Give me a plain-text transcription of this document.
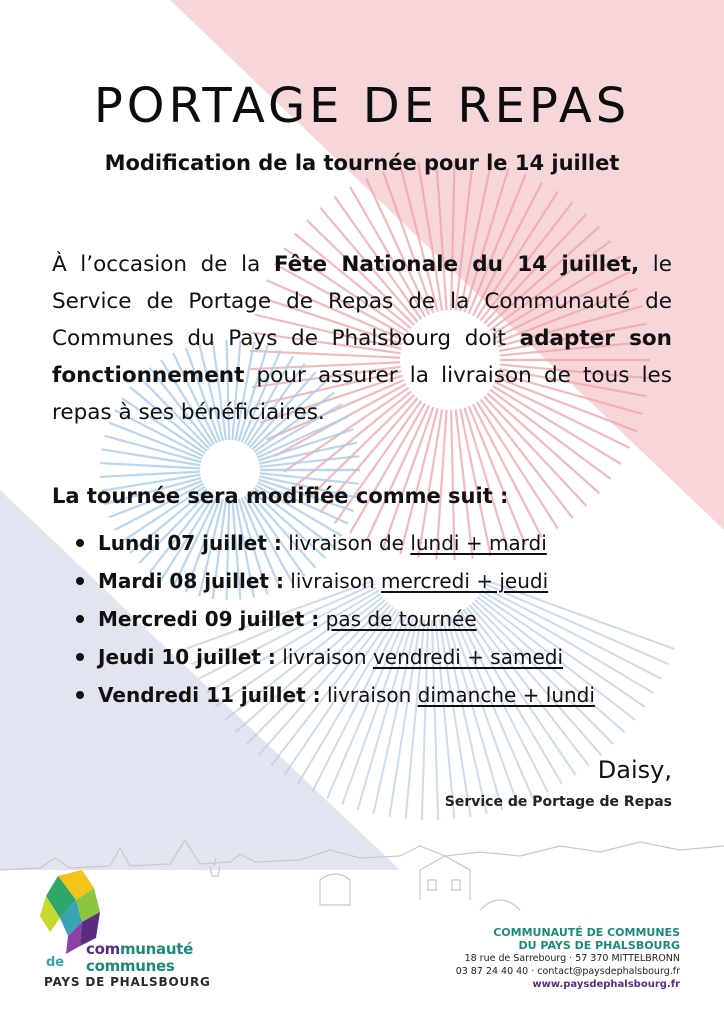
PORTAGE DE REPAS
Modification de la tournée pour le 14 juillet
À l’occasion de la Fête Nationale du 14 juillet, le Service de Portage de Repas de la Communauté de Communes du Pays de Phalsbourg doit adapter son fonctionnement pour assurer la livraison de tous les repas à ses bénéficiaires.
La tournée sera modifiée comme suit :
Lundi 07 juillet : livraison de lundi + mardi
Mardi 08 juillet : livraison mercredi + jeudi
Mercredi 09 juillet : pas de tournée
Jeudi 10 juillet : livraison vendredi + samedi
Vendredi 11 juillet : livraison dimanche + lundi
Daisy,
Service de Portage de Repas
communauté
de communes
PAYS DE PHALSBOURG
COMMUNAUTÉ DE COMMUNES
DU PAYS DE PHALSBOURG
18 rue de Sarrebourg · 57 370 MITTELBRONN
03 87 24 40 40 · contact@paysdephalsbourg.fr
www.paysdephalsbourg.fr
